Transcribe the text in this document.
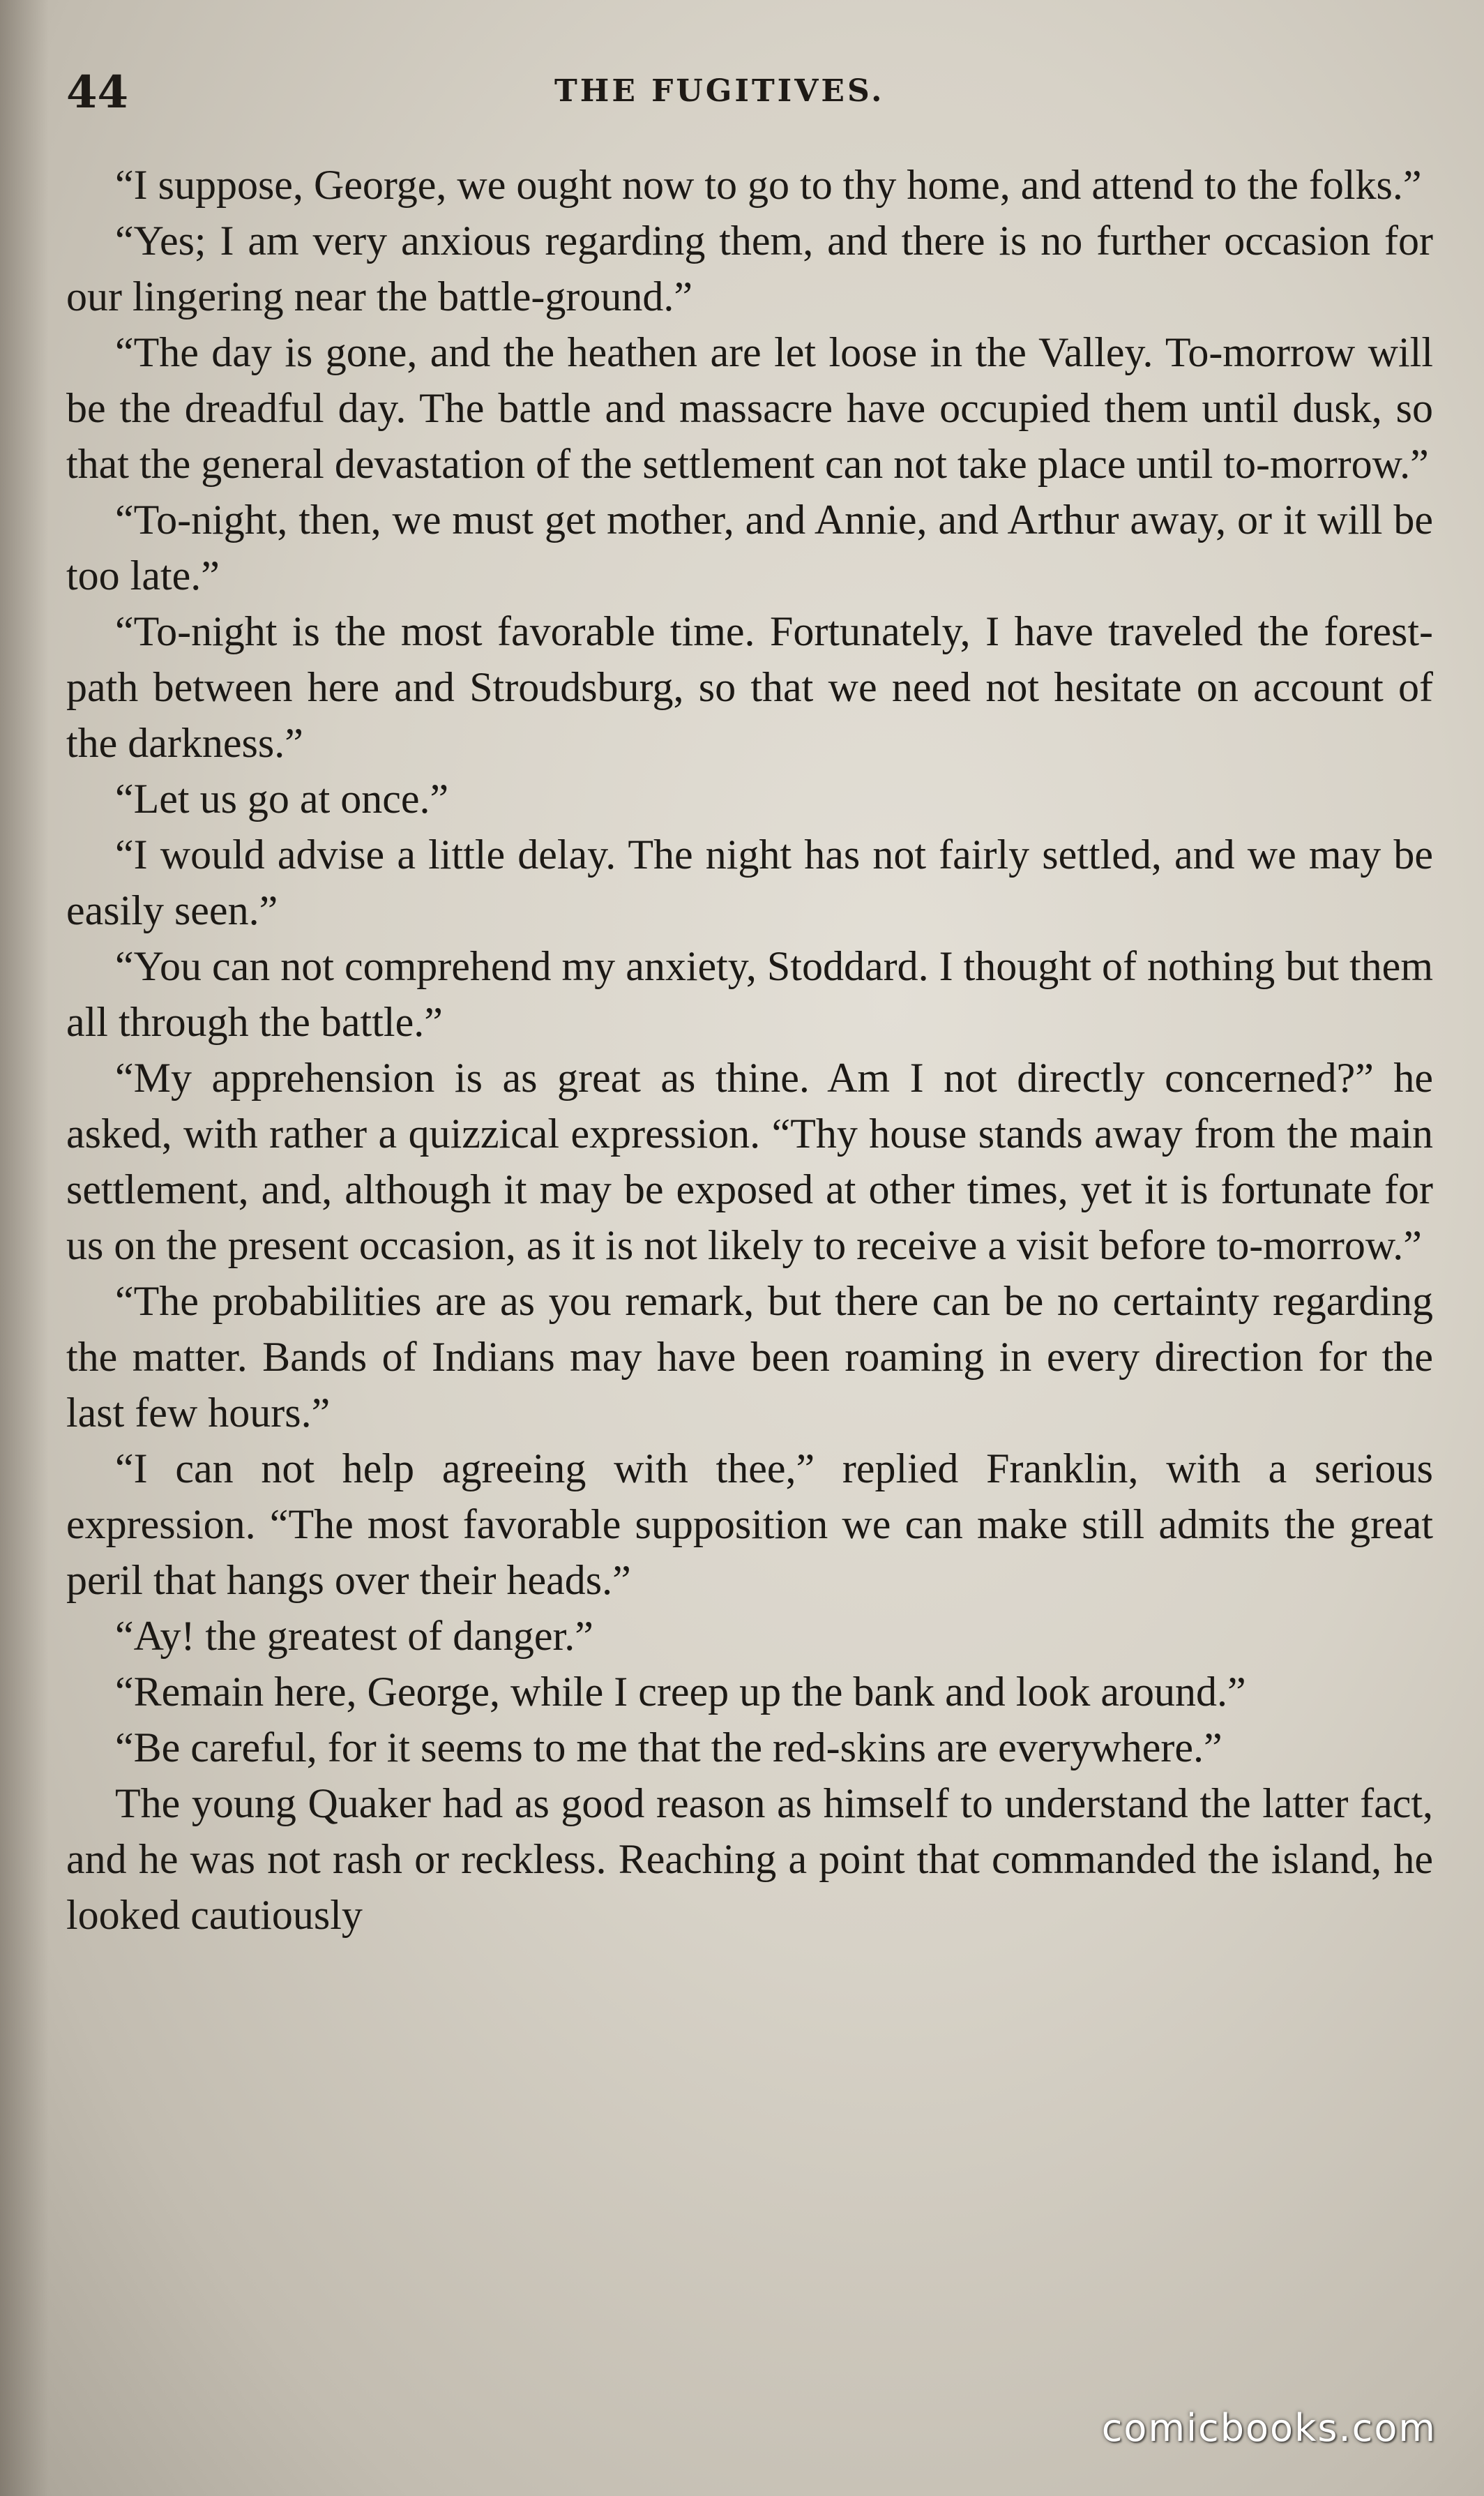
44	THE FUGITIVES.

“I suppose, George, we ought now to go to thy home, and attend to the folks.”

“Yes; I am very anxious regarding them, and there is no further occasion for our lingering near the battle-ground.”

“The day is gone, and the heathen are let loose in the Valley. To-morrow will be the dreadful day. The battle and massacre have occupied them until dusk, so that the general devastation of the settlement can not take place until to-morrow.”

“To-night, then, we must get mother, and Annie, and Arthur away, or it will be too late.”

“To-night is the most favorable time. Fortunately, I have traveled the forest-path between here and Stroudsburg, so that we need not hesitate on account of the darkness.”

“Let us go at once.”

“I would advise a little delay. The night has not fairly settled, and we may be easily seen.”

“You can not comprehend my anxiety, Stoddard. I thought of nothing but them all through the battle.”

“My apprehension is as great as thine. Am I not directly concerned?” he asked, with rather a quizzical expression. “Thy house stands away from the main settlement, and, although it may be exposed at other times, yet it is fortunate for us on the present occasion, as it is not likely to receive a visit before to-morrow.”

“The probabilities are as you remark, but there can be no certainty regarding the matter. Bands of Indians may have been roaming in every direction for the last few hours.”

“I can not help agreeing with thee,” replied Franklin, with a serious expression. “The most favorable supposition we can make still admits the great peril that hangs over their heads.”

“Ay! the greatest of danger.”

“Remain here, George, while I creep up the bank and look around.”

“Be careful, for it seems to me that the red-skins are everywhere.”

The young Quaker had as good reason as himself to understand the latter fact, and he was not rash or reckless. Reaching a point that commanded the island, he looked cautiously

comicbooks.com
